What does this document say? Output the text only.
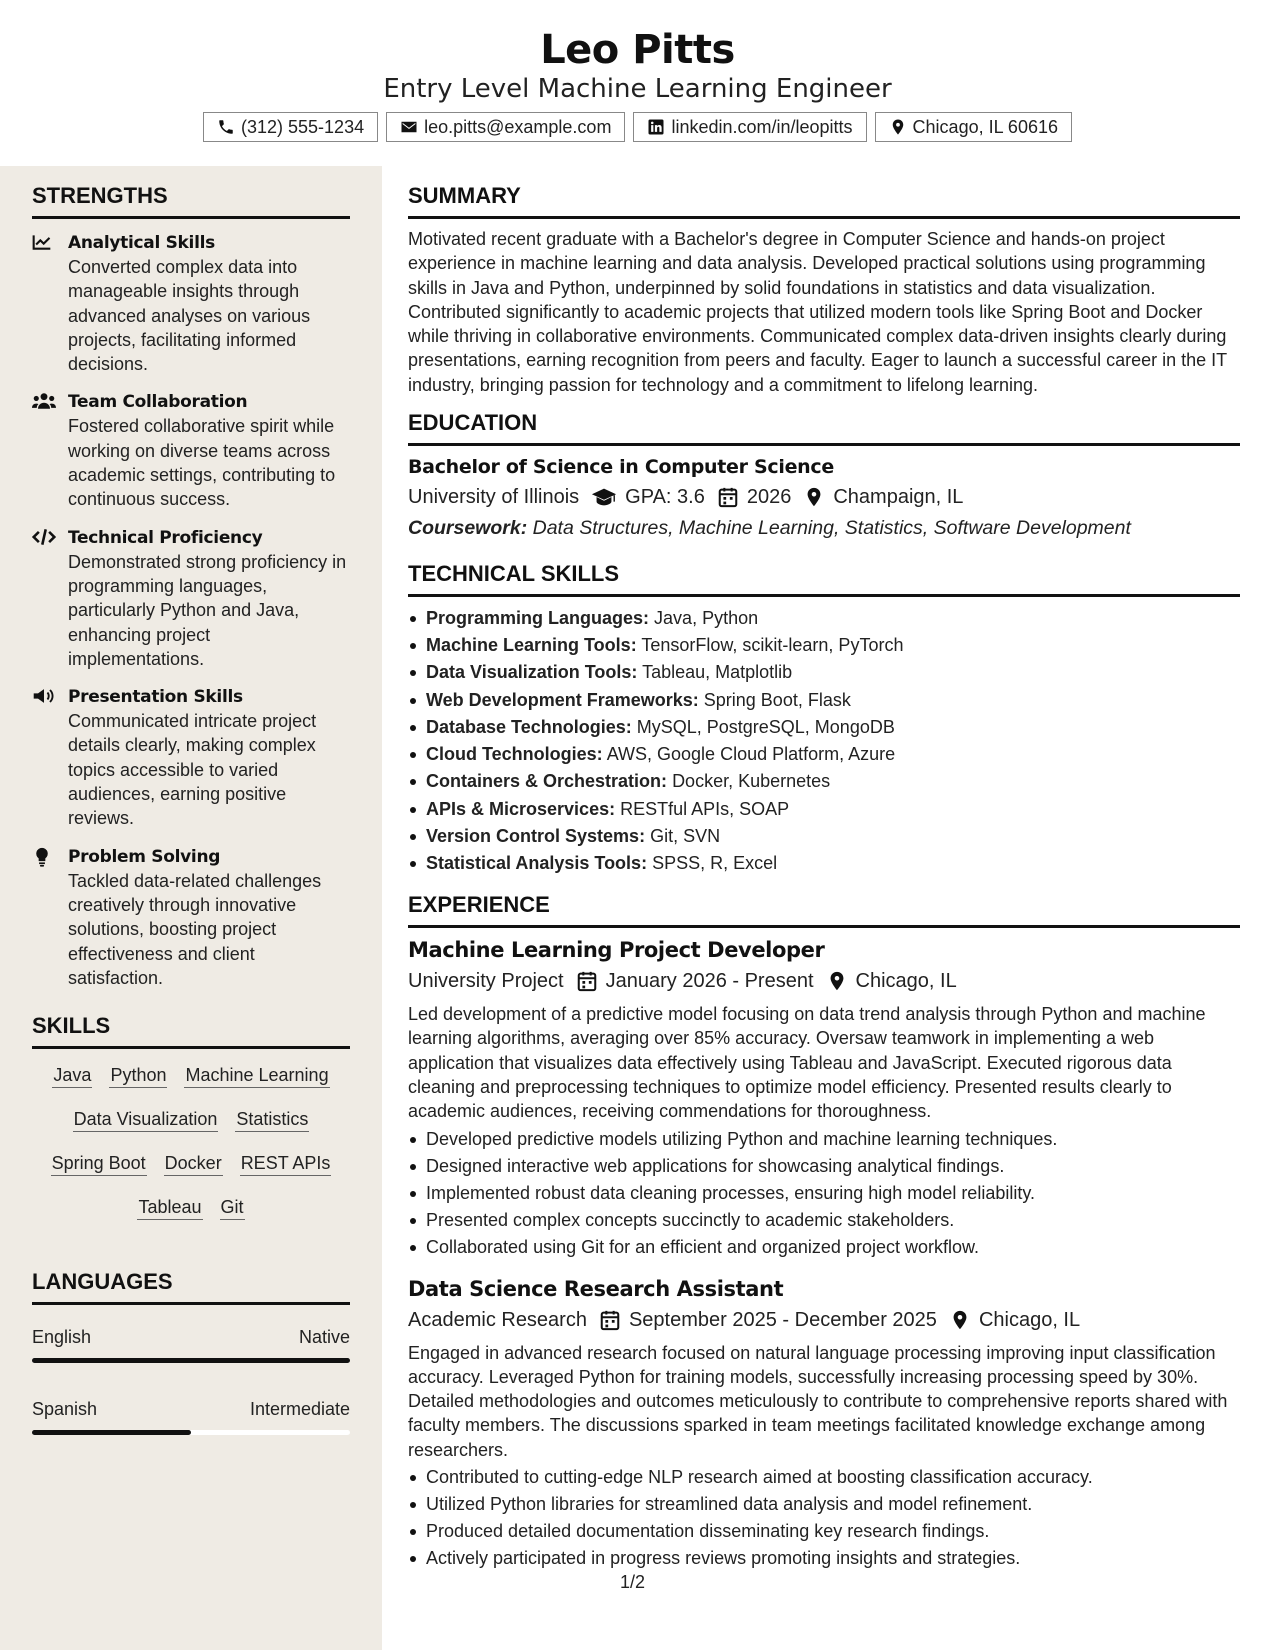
Leo Pitts
Entry Level Machine Learning Engineer
(312) 555-1234	leo.pitts@example.com	linkedin.com/in/leopitts	Chicago, IL 60616
STRENGTHS
Analytical Skills
Converted complex data into manageable insights through advanced analyses on various projects, facilitating informed decisions.
Team Collaboration
Fostered collaborative spirit while working on diverse teams across academic settings, contributing to continuous success.
Technical Proficiency
Demonstrated strong proficiency in programming languages, particularly Python and Java, enhancing project implementations.
Presentation Skills
Communicated intricate project details clearly, making complex topics accessible to varied audiences, earning positive reviews.
Problem Solving
Tackled data-related challenges creatively through innovative solutions, boosting project effectiveness and client satisfaction.
SKILLS
Java Python Machine Learning
Data Visualization Statistics
Spring Boot Docker REST APIs
Tableau Git
LANGUAGES
English	Native
Spanish	Intermediate
SUMMARY
Motivated recent graduate with a Bachelor's degree in Computer Science and hands-on project experience in machine learning and data analysis. Developed practical solutions using programming skills in Java and Python, underpinned by solid foundations in statistics and data visualization. Contributed significantly to academic projects that utilized modern tools like Spring Boot and Docker while thriving in collaborative environments. Communicated complex data-driven insights clearly during presentations, earning recognition from peers and faculty. Eager to launch a successful career in the IT industry, bringing passion for technology and a commitment to lifelong learning.
EDUCATION
Bachelor of Science in Computer Science
University of Illinois GPA: 3.6 2026 Champaign, IL
Coursework: Data Structures, Machine Learning, Statistics, Software Development
TECHNICAL SKILLS
Programming Languages: Java, Python
Machine Learning Tools: TensorFlow, scikit-learn, PyTorch
Data Visualization Tools: Tableau, Matplotlib
Web Development Frameworks: Spring Boot, Flask
Database Technologies: MySQL, PostgreSQL, MongoDB
Cloud Technologies: AWS, Google Cloud Platform, Azure
Containers & Orchestration: Docker, Kubernetes
APIs & Microservices: RESTful APIs, SOAP
Version Control Systems: Git, SVN
Statistical Analysis Tools: SPSS, R, Excel
EXPERIENCE
Machine Learning Project Developer
University Project January 2026 - Present Chicago, IL
Led development of a predictive model focusing on data trend analysis through Python and machine learning algorithms, averaging over 85% accuracy. Oversaw teamwork in implementing a web application that visualizes data effectively using Tableau and JavaScript. Executed rigorous data cleaning and preprocessing techniques to optimize model efficiency. Presented results clearly to academic audiences, receiving commendations for thoroughness.
Developed predictive models utilizing Python and machine learning techniques.
Designed interactive web applications for showcasing analytical findings.
Implemented robust data cleaning processes, ensuring high model reliability.
Presented complex concepts succinctly to academic stakeholders.
Collaborated using Git for an efficient and organized project workflow.
Data Science Research Assistant
Academic Research September 2025 - December 2025 Chicago, IL
Engaged in advanced research focused on natural language processing improving input classification accuracy. Leveraged Python for training models, successfully increasing processing speed by 30%. Detailed methodologies and outcomes meticulously to contribute to comprehensive reports shared with faculty members. The discussions sparked in team meetings facilitated knowledge exchange among researchers.
Contributed to cutting-edge NLP research aimed at boosting classification accuracy.
Utilized Python libraries for streamlined data analysis and model refinement.
Produced detailed documentation disseminating key research findings.
Actively participated in progress reviews promoting insights and strategies.
1/2
